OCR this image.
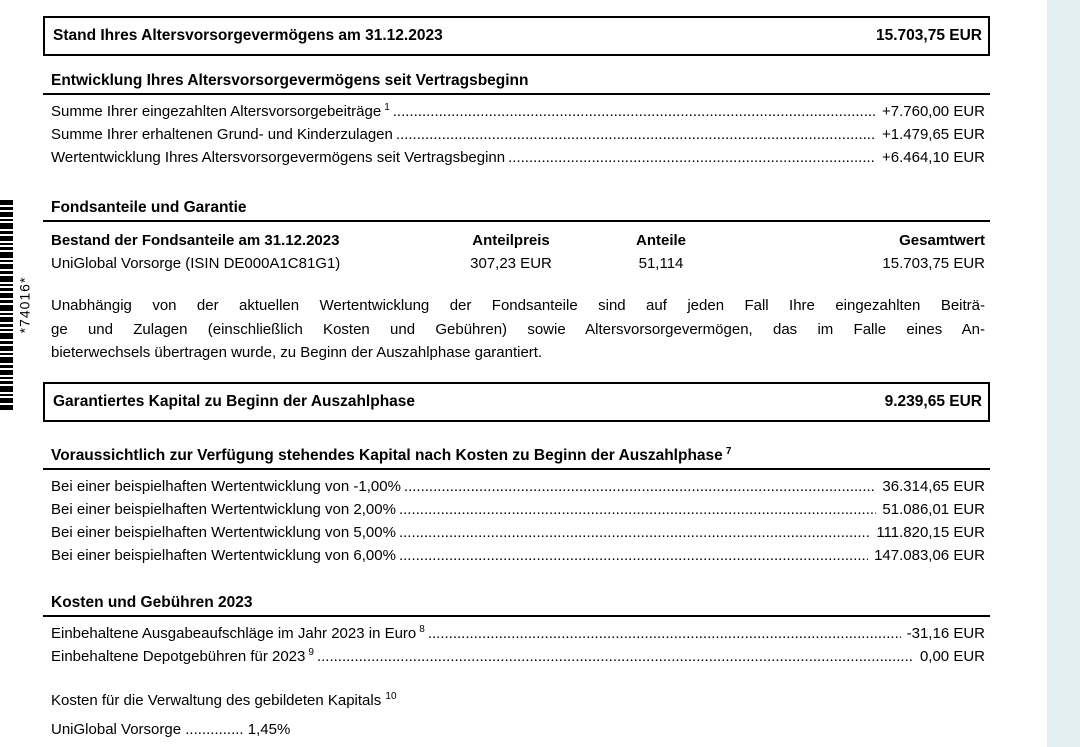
*74016*
Stand Ihres Altersvorsorgevermögens am 31.12.2023	15.703,75 EUR
Entwicklung Ihres Altersvorsorgevermögens seit Vertragsbeginn
Summe Ihrer eingezahlten Altersvorsorgebeiträge  $^1$ .....	+7.760,00 EUR
Summe Ihrer erhaltenen Grund- und Kinderzulagen .....	+1.479,65 EUR
Wertentwicklung Ihres Altersvorsorgevermögens seit Vertragsbeginn .....	+6.464,10 EUR
Fondsanteile und Garantie
Bestand der Fondsanteile am 31.12.2023	Anteilpreis	Anteile	Gesamtwert
UniGlobal Vorsorge (ISIN DE000A1C81G1)	307,23 EUR	51,114	15.703,75 EUR
Unabhängig von der aktuellen Wertentwicklung der Fondsanteile sind auf jeden Fall Ihre eingezahlten Beiträ-
ge und Zulagen (einschließlich Kosten und Gebühren) sowie Altersvorsorgevermögen, das im Falle eines An-
bieterwechsels übertragen wurde, zu Beginn der Auszahlphase garantiert.
Garantiertes Kapital zu Beginn der Auszahlphase	9.239,65 EUR
Voraussichtlich zur Verfügung stehendes Kapital nach Kosten zu Beginn der Auszahlphase  $^7$
Bei einer beispielhaften Wertentwicklung von -1,00% .....	36.314,65 EUR
Bei einer beispielhaften Wertentwicklung von 2,00% .....	51.086,01 EUR
Bei einer beispielhaften Wertentwicklung von 5,00% .....	111.820,15 EUR
Bei einer beispielhaften Wertentwicklung von 6,00% .....	147.083,06 EUR
Kosten und Gebühren 2023
Einbehaltene Ausgabeaufschläge im Jahr 2023 in Euro  $^8$ .....	-31,16 EUR
Einbehaltene Depotgebühren für 2023  $^9$ .....	0,00 EUR
Kosten für die Verwaltung des gebildeten Kapitals $^{10}$
UniGlobal Vorsorge .....	1,45%
